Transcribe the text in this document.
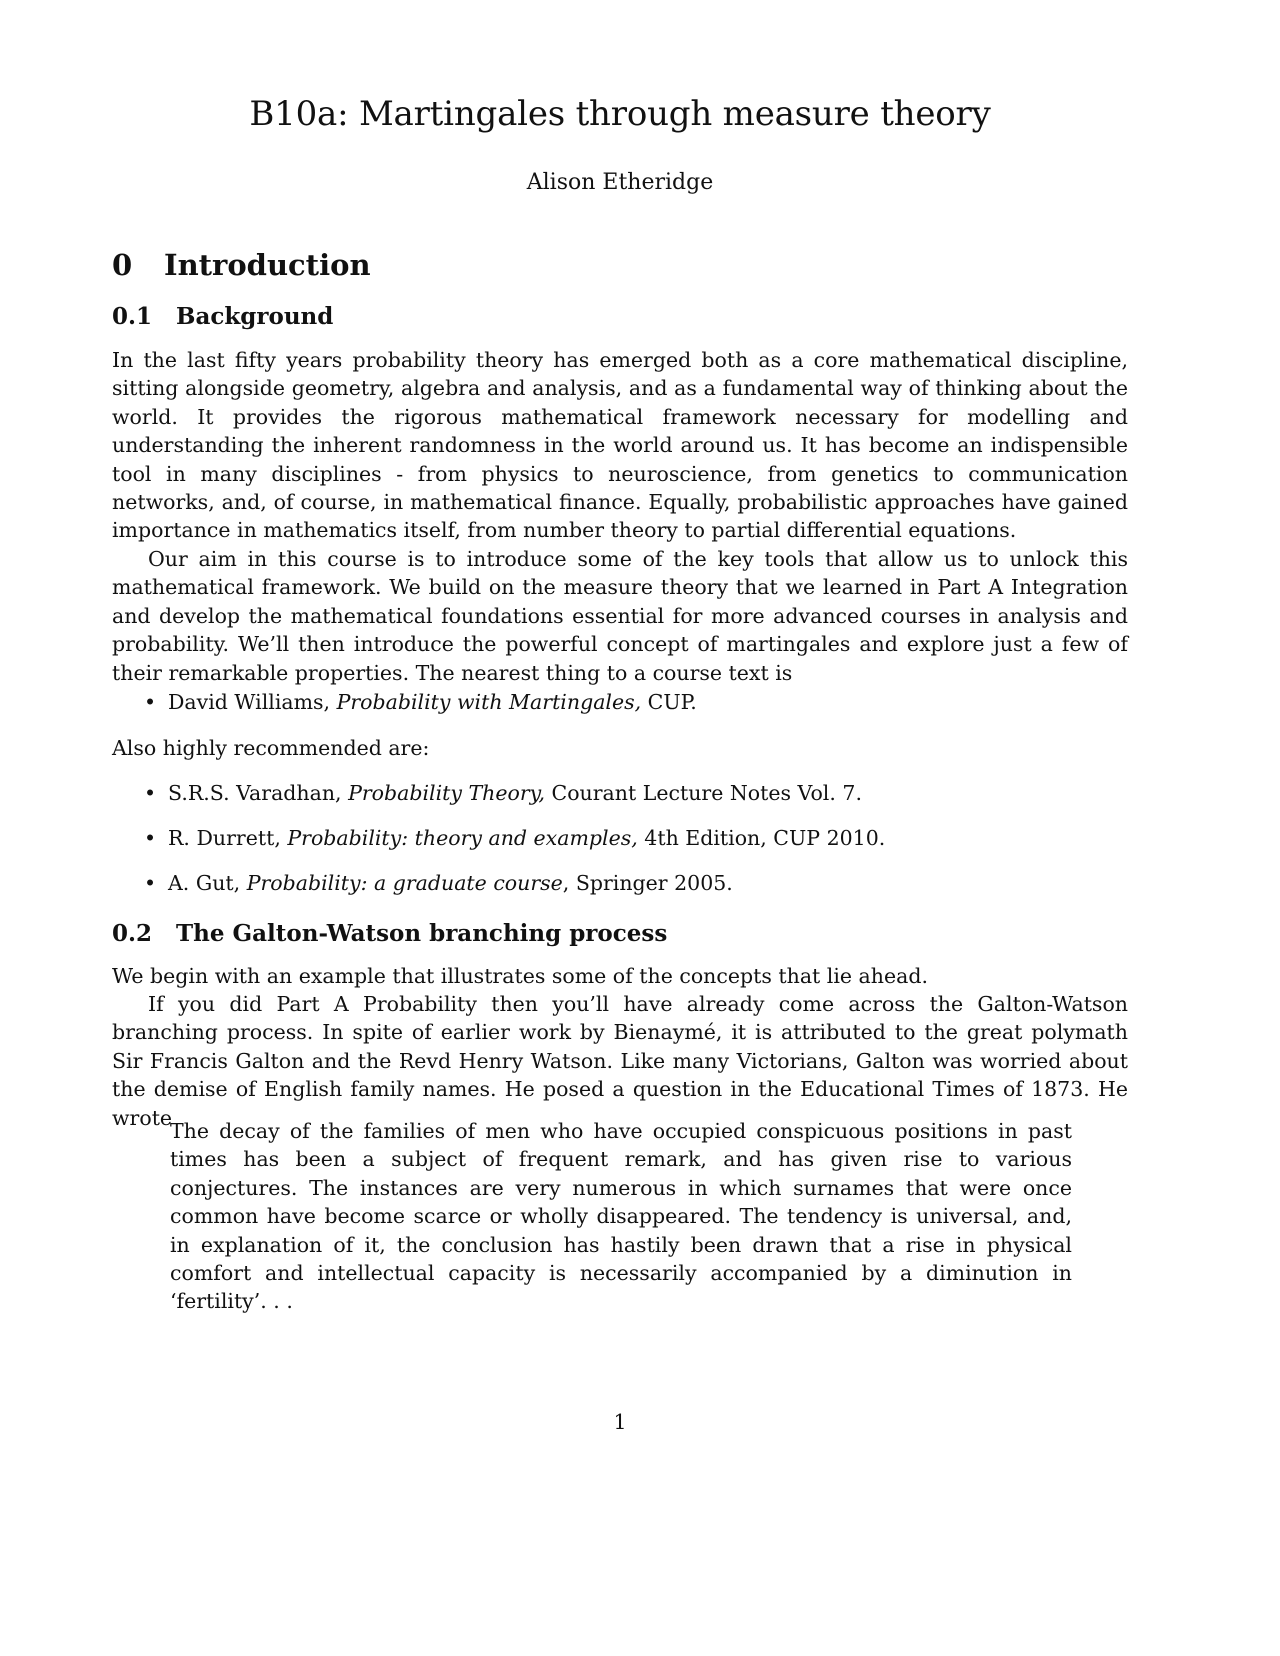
B10a: Martingales through measure theory

Alison Etheridge

0 Introduction
0.1 Background

In the last fifty years probability theory has emerged both as a core mathematical discipline, sitting alongside geometry, algebra and analysis, and as a fundamental way of thinking about the world. It provides the rigorous mathematical framework necessary for modelling and understanding the inherent randomness in the world around us. It has become an indispensible tool in many disciplines - from physics to neuroscience, from genetics to communication networks, and, of course, in mathematical finance. Equally, probabilistic approaches have gained importance in mathematics itself, from number theory to partial differential equations.

Our aim in this course is to introduce some of the key tools that allow us to unlock this mathematical framework. We build on the measure theory that we learned in Part A Integration and develop the mathematical foundations essential for more advanced courses in analysis and probability. We’ll then introduce the powerful concept of martingales and explore just a few of their remarkable properties. The nearest thing to a course text is

• David Williams, Probability with Martingales, CUP.

Also highly recommended are:

• S.R.S. Varadhan, Probability Theory, Courant Lecture Notes Vol. 7.
• R. Durrett, Probability: theory and examples, 4th Edition, CUP 2010.
• A. Gut, Probability: a graduate course, Springer 2005.
0.2 The Galton-Watson branching process

We begin with an example that illustrates some of the concepts that lie ahead.

If you did Part A Probability then you’ll have already come across the Galton-Watson branching process. In spite of earlier work by Bienaymé, it is attributed to the great polymath Sir Francis Galton and the Revd Henry Watson. Like many Victorians, Galton was worried about the demise of English family names. He posed a question in the Educational Times of 1873. He wrote

The decay of the families of men who have occupied conspicuous positions in past times has been a subject of frequent remark, and has given rise to various conjectures. The instances are very numerous in which surnames that were once common have become scarce or wholly disappeared. The tendency is universal, and, in explanation of it, the conclusion has hastily been drawn that a rise in physical comfort and intellectual capacity is necessarily accompanied by a diminution in ‘fertility’. . .
1
